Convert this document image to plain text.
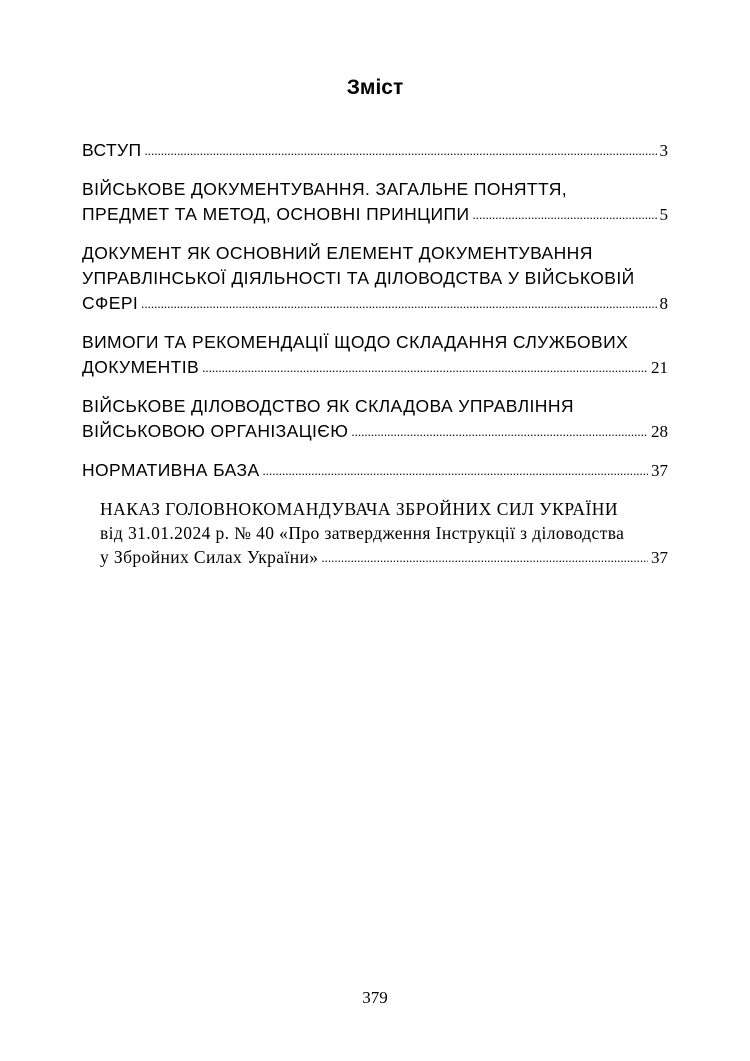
Зміст
ВСТУП .....	3
ВІЙСЬКОВЕ ДОКУМЕНТУВАННЯ. ЗАГАЛЬНЕ ПОНЯТТЯ,
ПРЕДМЕТ ТА МЕТОД, ОСНОВНІ ПРИНЦИПИ .....	5
ДОКУМЕНТ ЯК ОСНОВНИЙ ЕЛЕМЕНТ ДОКУМЕНТУВАННЯ
УПРАВЛІНСЬКОЇ ДІЯЛЬНОСТІ ТА ДІЛОВОДСТВА У ВІЙСЬКОВІЙ
СФЕРІ .....	8
ВИМОГИ ТА РЕКОМЕНДАЦІЇ ЩОДО СКЛАДАННЯ СЛУЖБОВИХ
ДОКУМЕНТІВ .....	21
ВІЙСЬКОВЕ ДІЛОВОДСТВО ЯК СКЛАДОВА УПРАВЛІННЯ
ВІЙСЬКОВОЮ ОРГАНІЗАЦІЄЮ .....	28
НОРМАТИВНА БАЗА .....	37
НАКАЗ ГОЛОВНОКОМАНДУВАЧА ЗБРОЙНИХ СИЛ УКРАЇНИ
від 31.01.2024 р. № 40 «Про затвердження Інструкції з діловодства
у Збройних Силах України» .....	37
379
